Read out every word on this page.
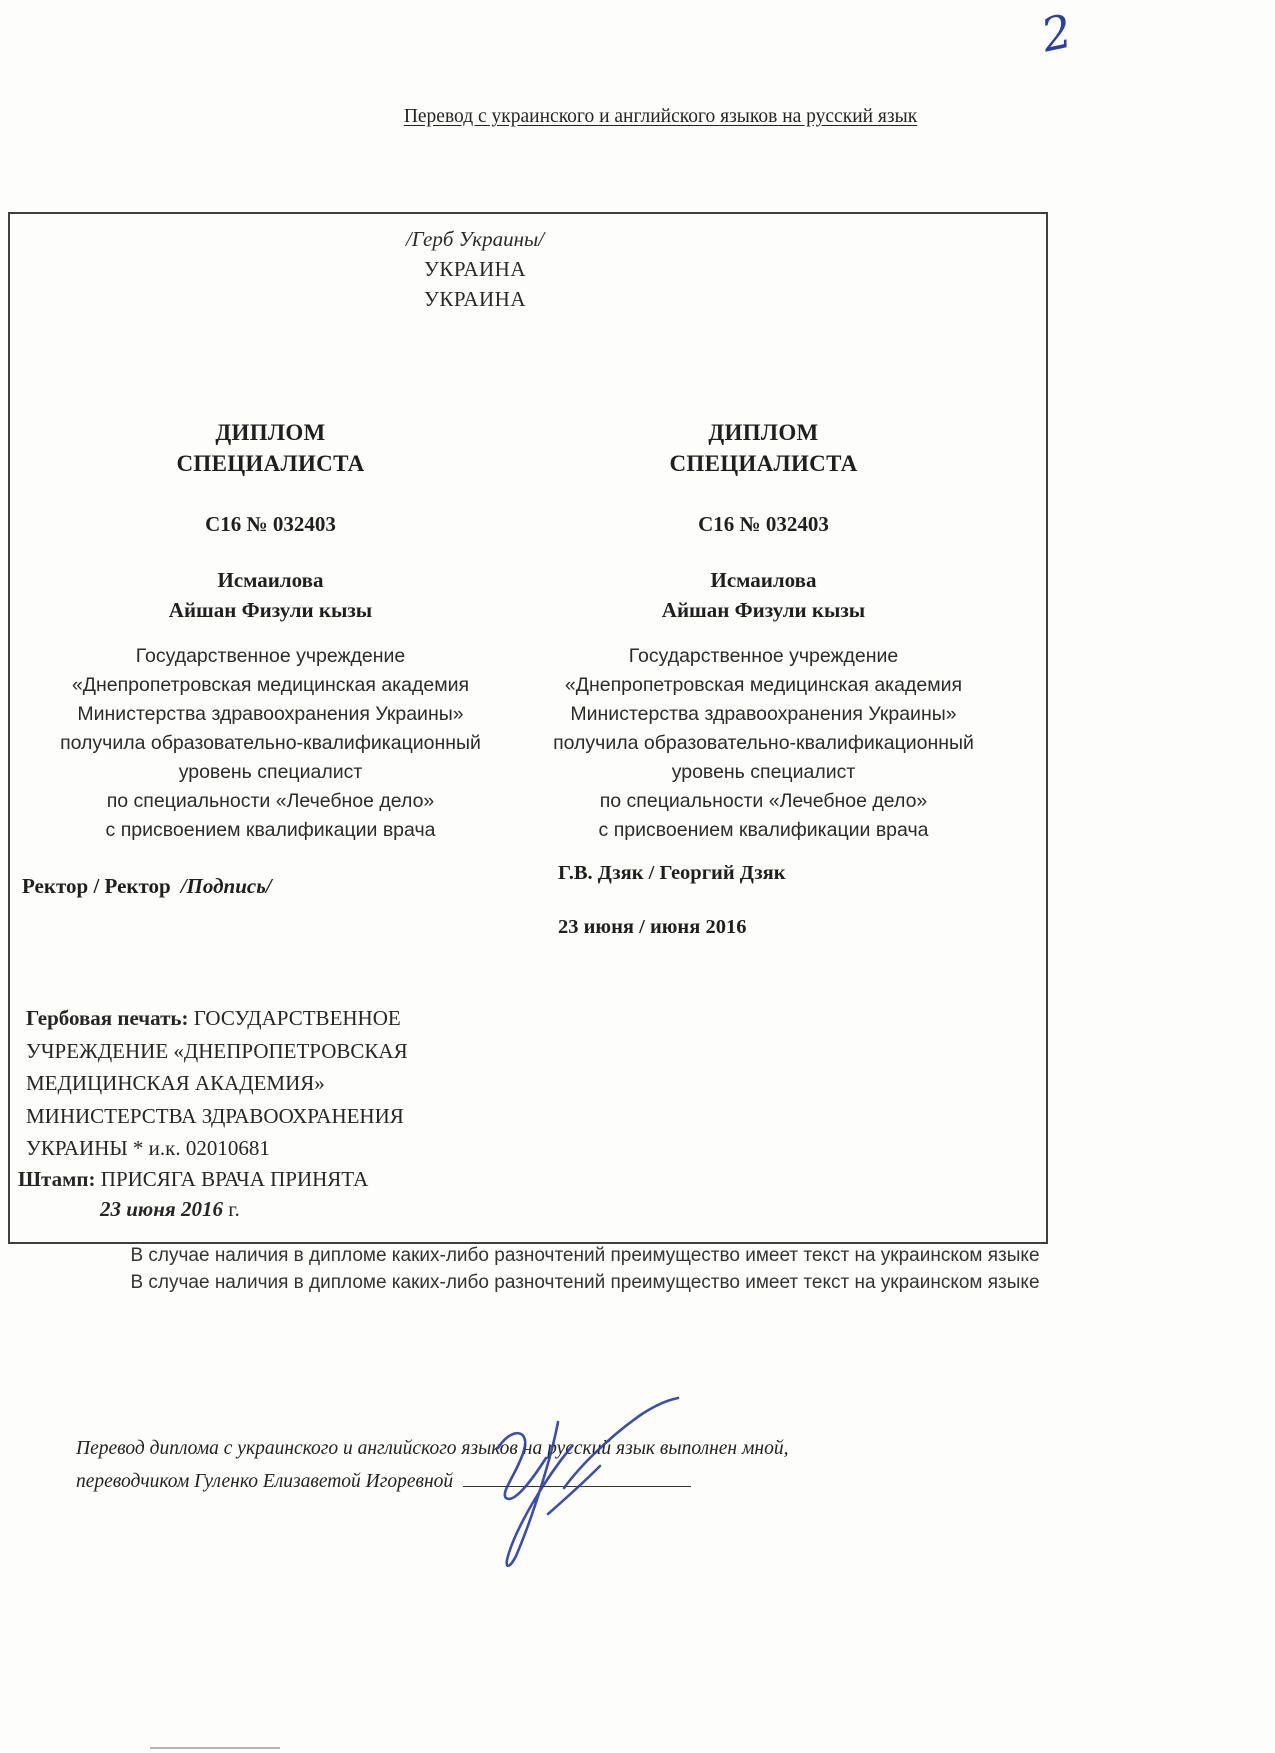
2
Перевод с украинского и английского языков на русский язык
/Герб Украины/
УКРАИНА
УКРАИНА
ДИПЛОМ
СПЕЦИАЛИСТА
С16 № 032403
Исмаилова
Айшан Физули кызы
Государственное учреждение
«Днепропетровская медицинская академия
Министерства здравоохранения Украины»
получила образовательно-квалификационный
уровень специалист
по специальности «Лечебное дело»
с присвоением квалификации врача
ДИПЛОМ
СПЕЦИАЛИСТА
С16 № 032403
Исмаилова
Айшан Физули кызы
Государственное учреждение
«Днепропетровская медицинская академия
Министерства здравоохранения Украины»
получила образовательно-квалификационный
уровень специалист
по специальности «Лечебное дело»
с присвоением квалификации врача
Ректор / Ректор /Подпись/
Г.В. Дзяк / Георгий Дзяк
23 июня / июня 2016
Гербовая печать: ГОСУДАРСТВЕННОЕ
УЧРЕЖДЕНИЕ «ДНЕПРОПЕТРОВСКАЯ
МЕДИЦИНСКАЯ АКАДЕМИЯ»
МИНИСТЕРСТВА ЗДРАВООХРАНЕНИЯ
УКРАИНЫ * и.к. 02010681
Штамп: ПРИСЯГА ВРАЧА ПРИНЯТА
23 июня 2016 г.
В случае наличия в дипломе каких-либо разночтений преимущество имеет текст на украинском языке
В случае наличия в дипломе каких-либо разночтений преимущество имеет текст на украинском языке
Перевод диплома с украинского и английского языков на русский язык выполнен мной,
переводчиком Гуленко Елизаветой Игоревной
